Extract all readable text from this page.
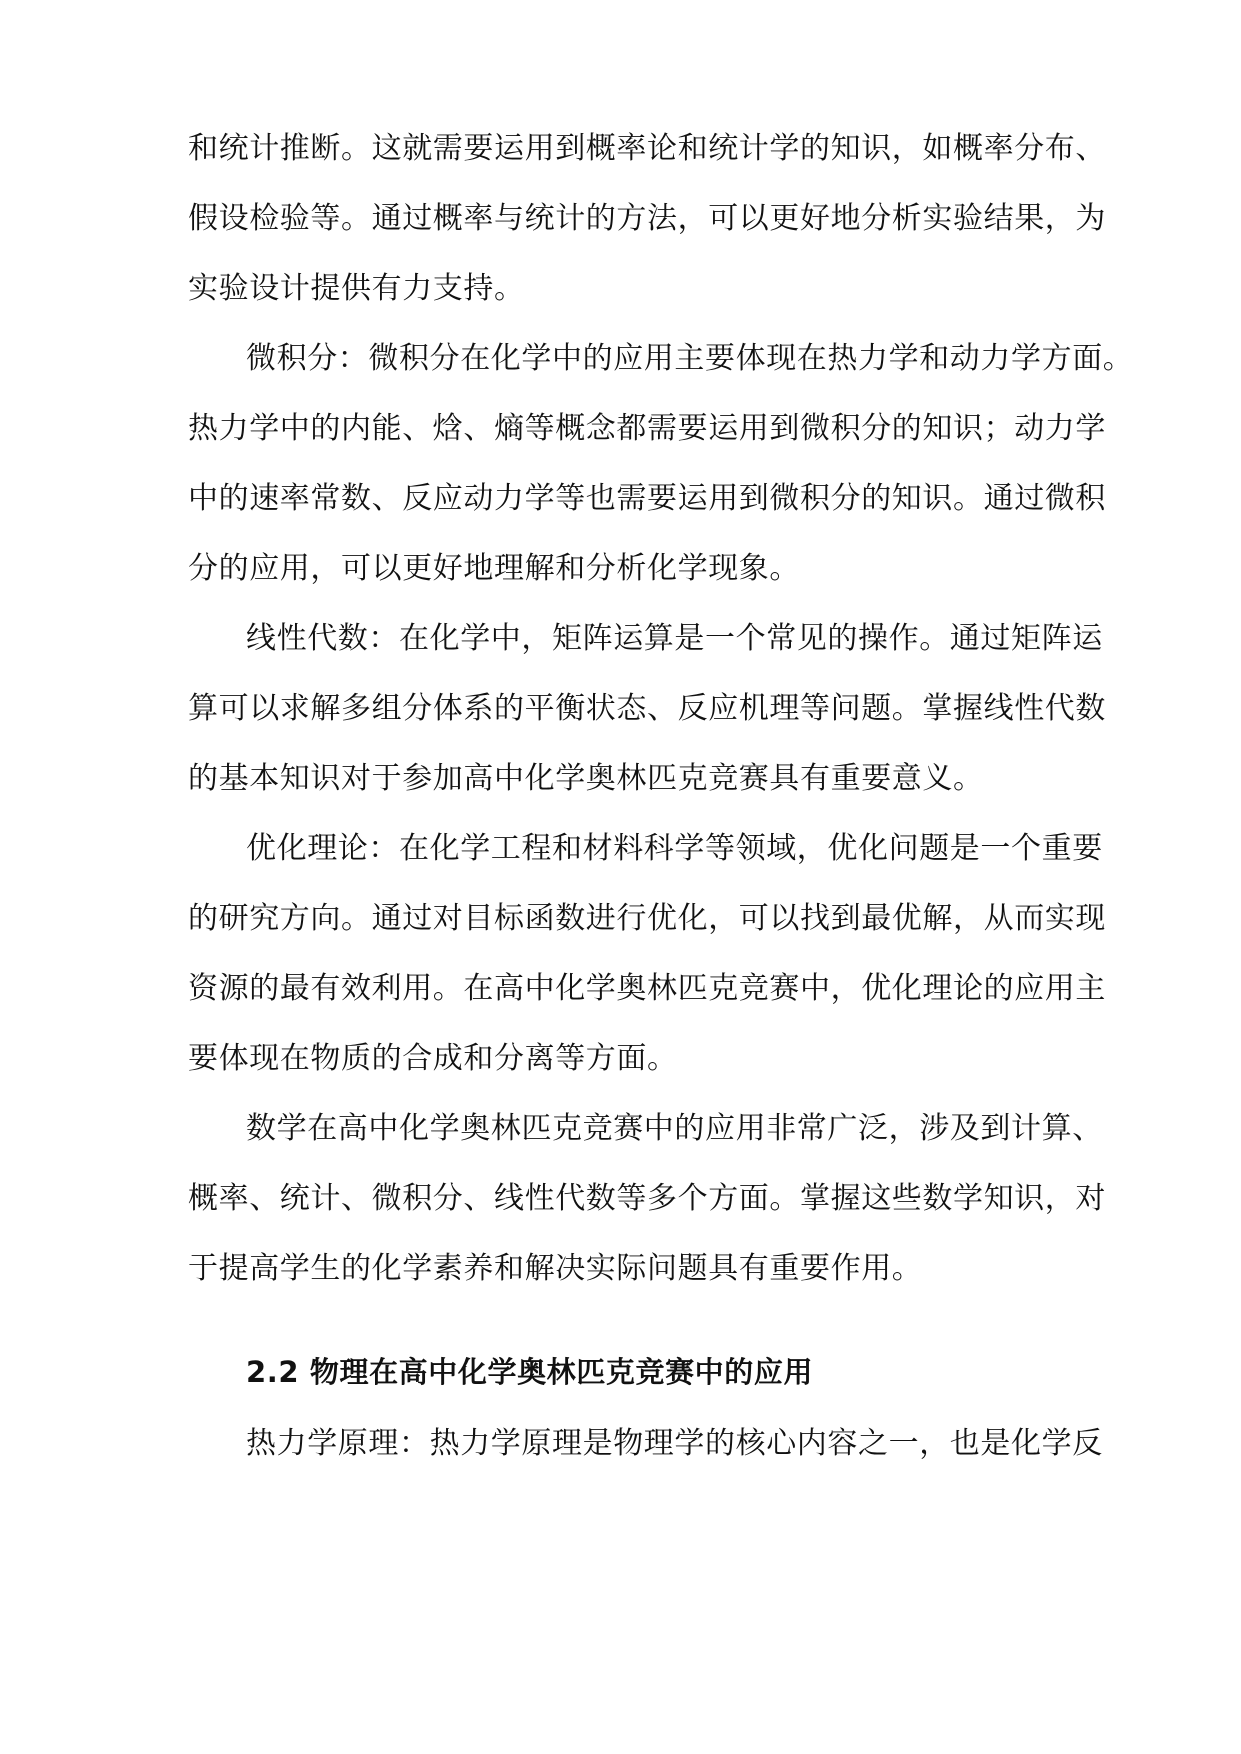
和统计推断。这就需要运用到概率论和统计学的知识，如概率分布、
假设检验等。通过概率与统计的方法，可以更好地分析实验结果，为
实验设计提供有力支持。
微积分：微积分在化学中的应用主要体现在热力学和动力学方面。
热力学中的内能、焓、熵等概念都需要运用到微积分的知识；动力学
中的速率常数、反应动力学等也需要运用到微积分的知识。通过微积
分的应用，可以更好地理解和分析化学现象。
线性代数：在化学中，矩阵运算是一个常见的操作。通过矩阵运
算可以求解多组分体系的平衡状态、反应机理等问题。掌握线性代数
的基本知识对于参加高中化学奥林匹克竞赛具有重要意义。
优化理论：在化学工程和材料科学等领域，优化问题是一个重要
的研究方向。通过对目标函数进行优化，可以找到最优解，从而实现
资源的最有效利用。在高中化学奥林匹克竞赛中，优化理论的应用主
要体现在物质的合成和分离等方面。
数学在高中化学奥林匹克竞赛中的应用非常广泛，涉及到计算、
概率、统计、微积分、线性代数等多个方面。掌握这些数学知识，对
于提高学生的化学素养和解决实际问题具有重要作用。
2.2 物理在高中化学奥林匹克竞赛中的应用
热力学原理：热力学原理是物理学的核心内容之一，也是化学反
